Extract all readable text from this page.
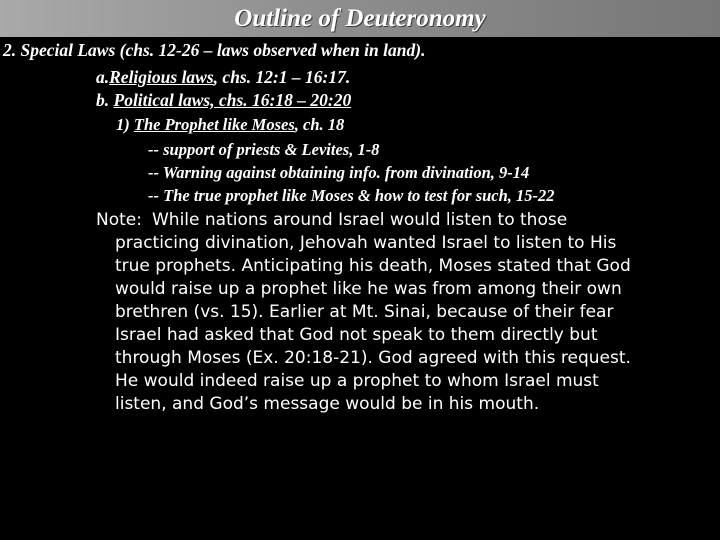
Outline of Deuteronomy
2. Special Laws (chs. 12-26 – laws observed when in land).
a.Religious laws, chs. 12:1 – 16:17.
b. Political laws, chs. 16:18 – 20:20
1) The Prophet like Moses, ch. 18
-- support of priests & Levites, 1-8
-- Warning against obtaining info. from divination, 9-14
-- The true prophet like Moses & how to test for such, 15-22
Note: While nations around Israel would listen to those
practicing divination, Jehovah wanted Israel to listen to His
true prophets. Anticipating his death, Moses stated that God
would raise up a prophet like he was from among their own
brethren (vs. 15). Earlier at Mt. Sinai, because of their fear
Israel had asked that God not speak to them directly but
through Moses (Ex. 20:18-21). God agreed with this request.
He would indeed raise up a prophet to whom Israel must
listen, and God’s message would be in his mouth.
